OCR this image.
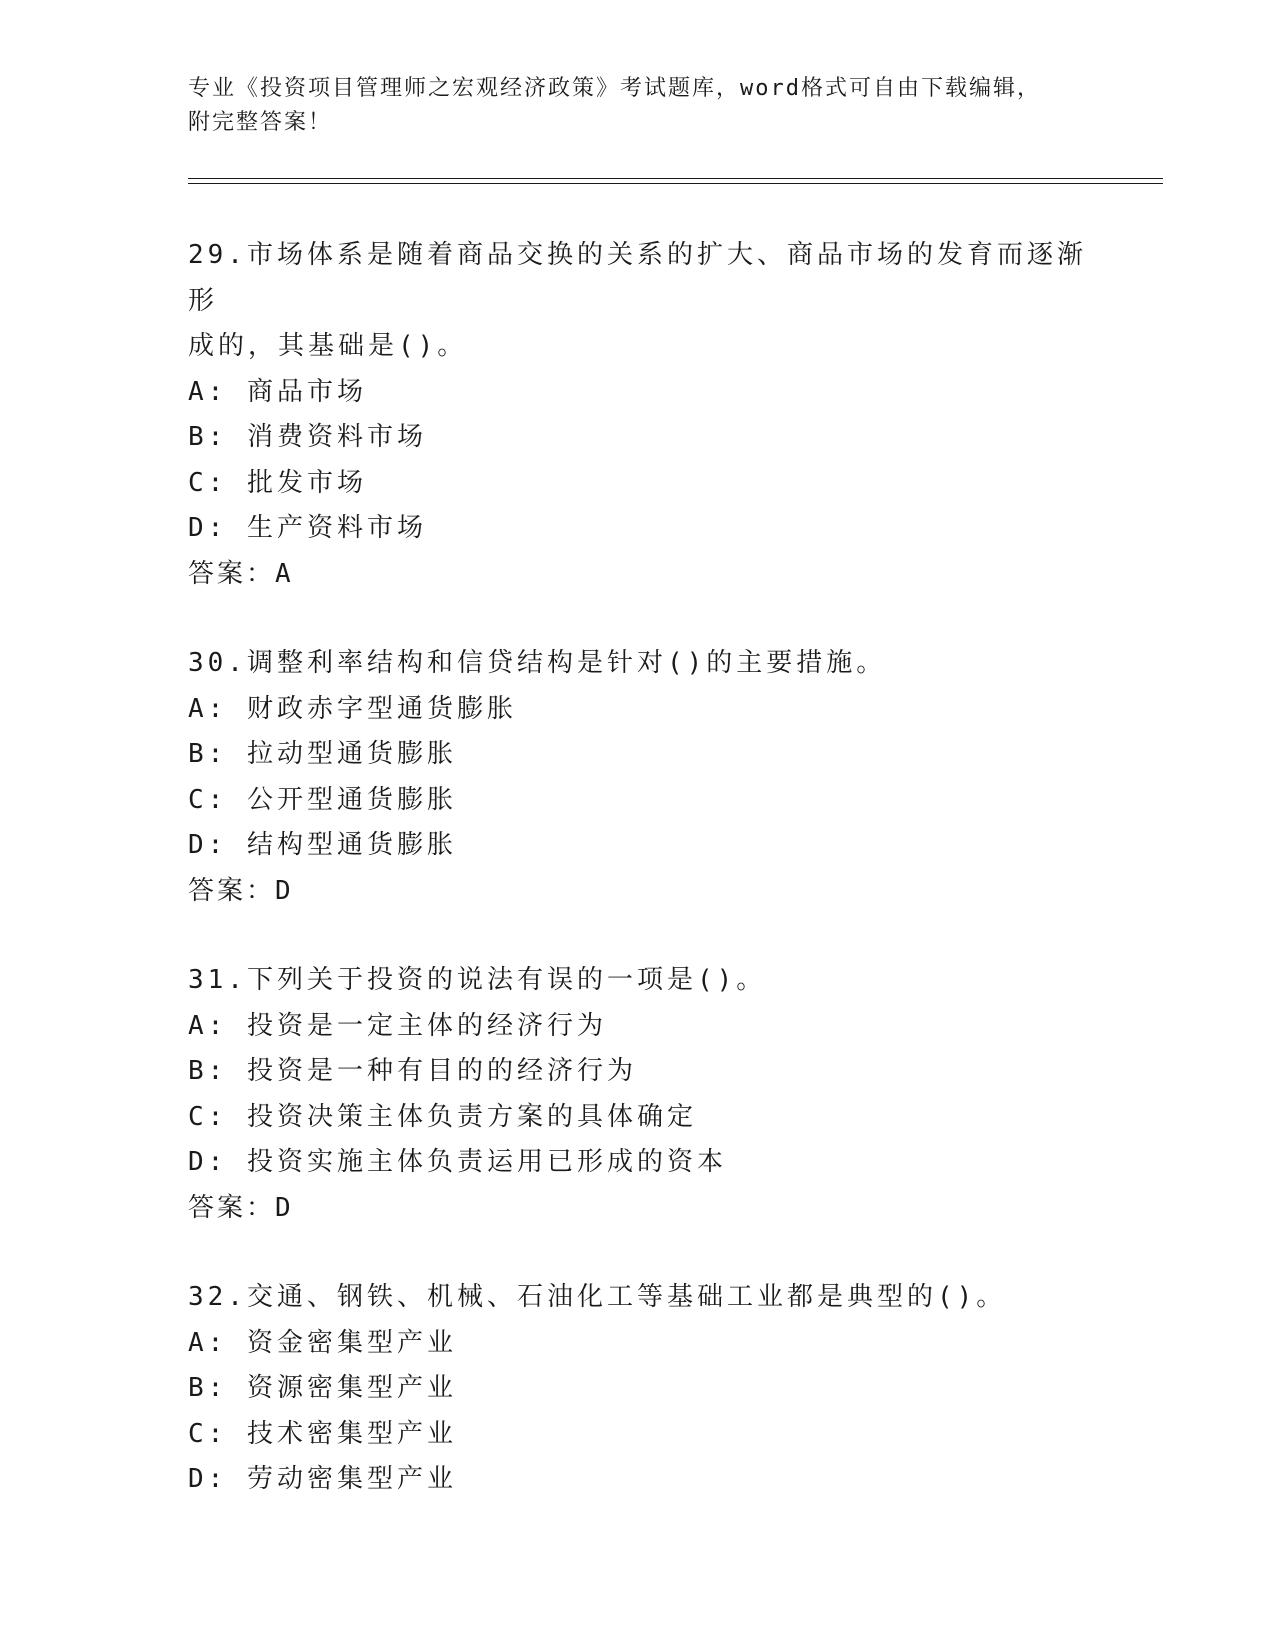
专业《投资项目管理师之宏观经济政策》考试题库，word格式可自由下载编辑，
附完整答案！
29.市场体系是随着商品交换的关系的扩大、商品市场的发育而逐渐形
成的，其基础是()。
A: 商品市场
B: 消费资料市场
C: 批发市场
D: 生产资料市场
答案：A
30.调整利率结构和信贷结构是针对()的主要措施。
A: 财政赤字型通货膨胀
B: 拉动型通货膨胀
C: 公开型通货膨胀
D: 结构型通货膨胀
答案：D
31.下列关于投资的说法有误的一项是()。
A: 投资是一定主体的经济行为
B: 投资是一种有目的的经济行为
C: 投资决策主体负责方案的具体确定
D: 投资实施主体负责运用已形成的资本
答案：D
32.交通、钢铁、机械、石油化工等基础工业都是典型的()。
A: 资金密集型产业
B: 资源密集型产业
C: 技术密集型产业
D: 劳动密集型产业
